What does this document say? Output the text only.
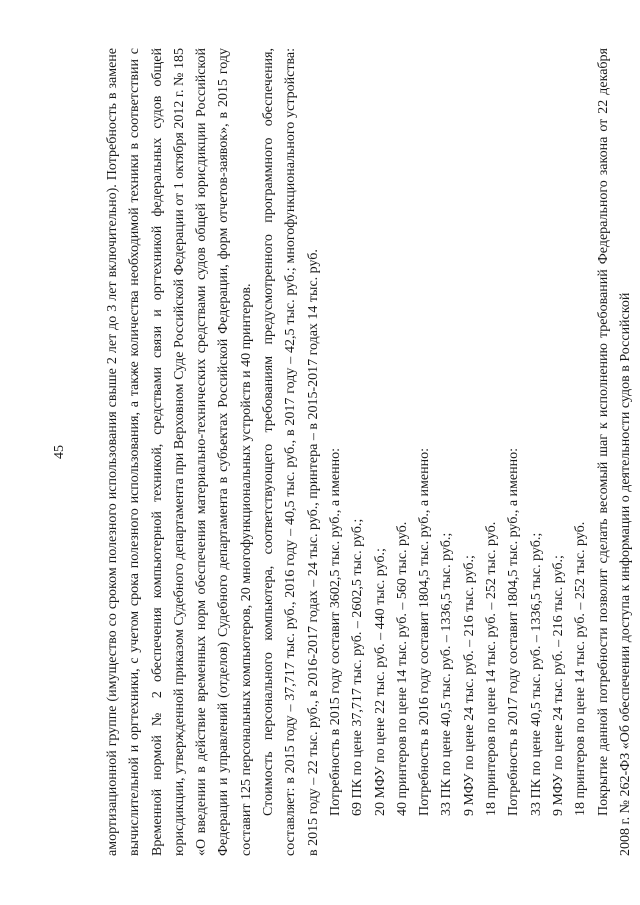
45	амортизационной группе (имущество со сроком полезного использования свыше 2 лет до 3 лет включительно). Потребность в замене вычислительной и оргтехники, с учетом срока полезного использования, а также количества необходимой техники в соответствии с Временной нормой № 2 обеспечения компьютерной техникой, средствами связи и оргтехникой федеральных судов общей юрисдикции, утвержденной приказом Судебного департамента при Верховном Суде Российской Федерации от 1 октября 2012 г. № 185 «О введении в действие временных норм обеспечения материально-технических средствами судов общей юрисдикции Российской Федерации и управлений (отделов) Судебного департамента в субъектах Российской Федерации, форм отчетов-заявок», в 2015 году составит 125 персональных компьютеров, 20 многофункциональных устройств и 40 принтеров. Стоимость персонального компьютера, соответствующего требованиям предусмотренного программного обеспечения, составляет: в 2015 году – 37,717 тыс. руб., 2016 году – 40,5 тыс. руб., в 2017 году – 42,5 тыс. руб.; многофункционального устройства: в 2015 году – 22 тыс. руб., в 2016-2017 годах – 24 тыс. руб., принтера – в 2015-2017 годах 14 тыс. руб. Потребность в 2015 году составит 3602,5 тыс. руб., а именно: 69 ПК по цене 37,717 тыс. руб. – 2602,5 тыс. руб.; 20 МФУ по цене 22 тыс. руб. – 440 тыс. руб.; 40 принтеров по цене 14 тыс. руб. – 560 тыс. руб. Потребность в 2016 году составит 1804,5 тыс. руб., а именно: 33 ПК по цене 40,5 тыс. руб. – 1336,5 тыс. руб.; 9 МФУ по цене 24 тыс. руб. – 216 тыс. руб.; 18 принтеров по цене 14 тыс. руб. – 252 тыс. руб. Потребность в 2017 году составит 1804,5 тыс. руб., а именно: 33 ПК по цене 40,5 тыс. руб. – 1336,5 тыс. руб.; 9 МФУ по цене 24 тыс. руб. – 216 тыс. руб.; 18 принтеров по цене 14 тыс. руб. – 252 тыс. руб. Покрытие данной потребности позволит сделать весомый шаг к исполнению требований Федерального закона от 22 декабря 2008 г. № 262-ФЗ «Об обеспечении доступа к информации о деятельности судов в Российской
